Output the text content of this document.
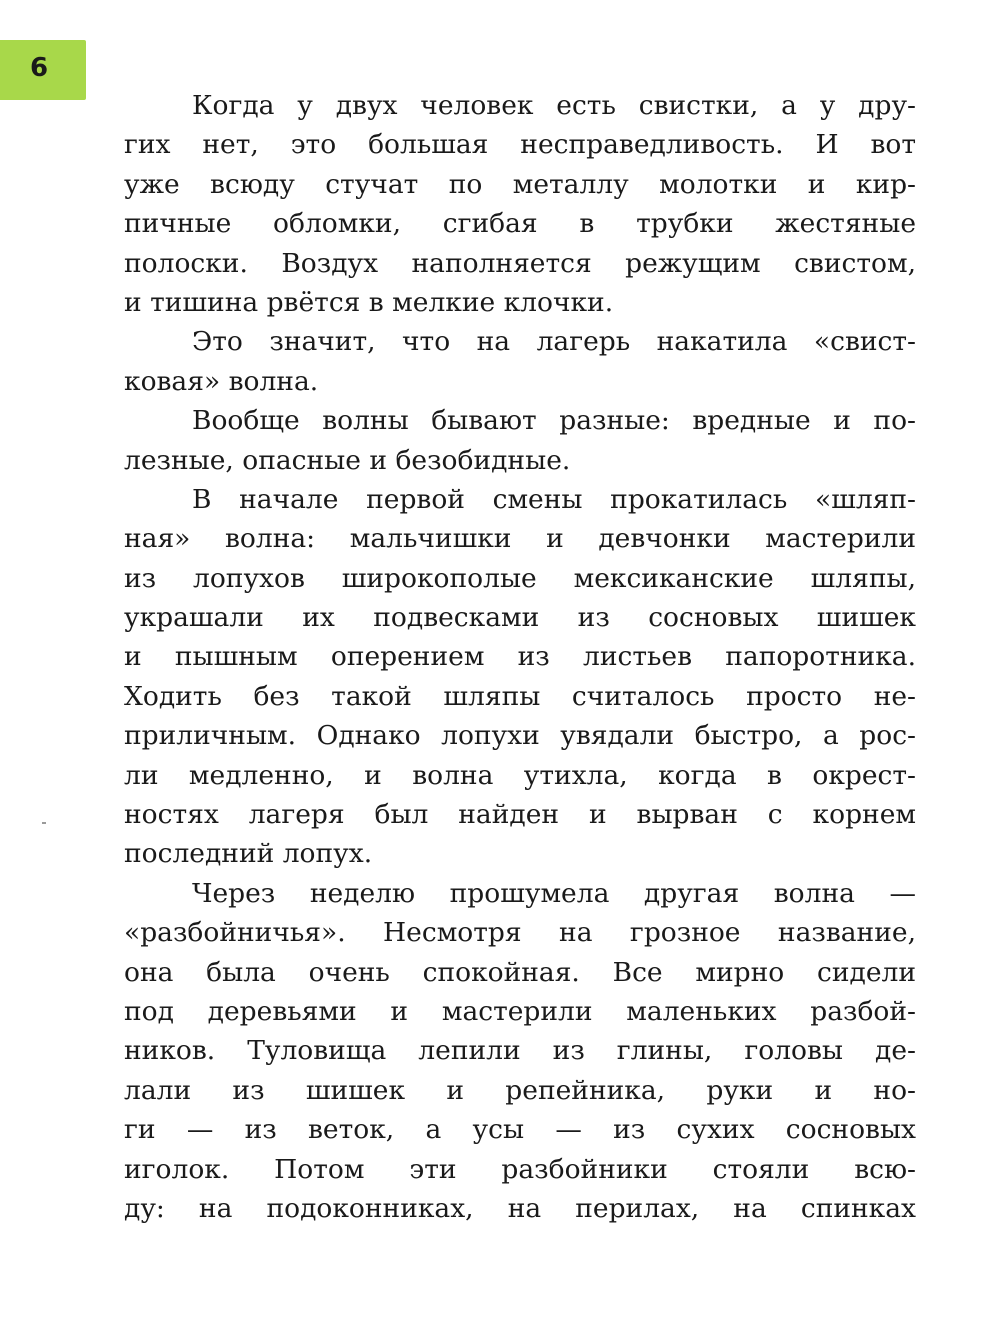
6
Когда у двух человек есть свистки, а у дру-
гих нет, это большая несправедливость. И вот
уже всюду стучат по металлу молотки и кир-
пичные обломки, сгибая в трубки жестяные
полоски. Воздух наполняется режущим свистом,
и тишина рвётся в мелкие клочки.
Это значит, что на лагерь накатила «свист-
ковая» волна.
Вообще волны бывают разные: вредные и по-
лезные, опасные и безобидные.
В начале первой смены прокатилась «шляп-
ная» волна: мальчишки и девчонки мастерили
из лопухов широкополые мексиканские шляпы,
украшали их подвесками из сосновых шишек
и пышным оперением из листьев папоротника.
Ходить без такой шляпы считалось просто не-
приличным. Однако лопухи увядали быстро, а рос-
ли медленно, и волна утихла, когда в окрест-
ностях лагеря был найден и вырван с корнем
последний лопух.
Через неделю прошумела другая волна —
«разбойничья». Несмотря на грозное название,
она была очень спокойная. Все мирно сидели
под деревьями и мастерили маленьких разбой-
ников. Туловища лепили из глины, головы де-
лали из шишек и репейника, руки и но-
ги — из веток, а усы — из сухих сосновых
иголок. Потом эти разбойники стояли всю-
ду: на подоконниках, на перилах, на спинках
